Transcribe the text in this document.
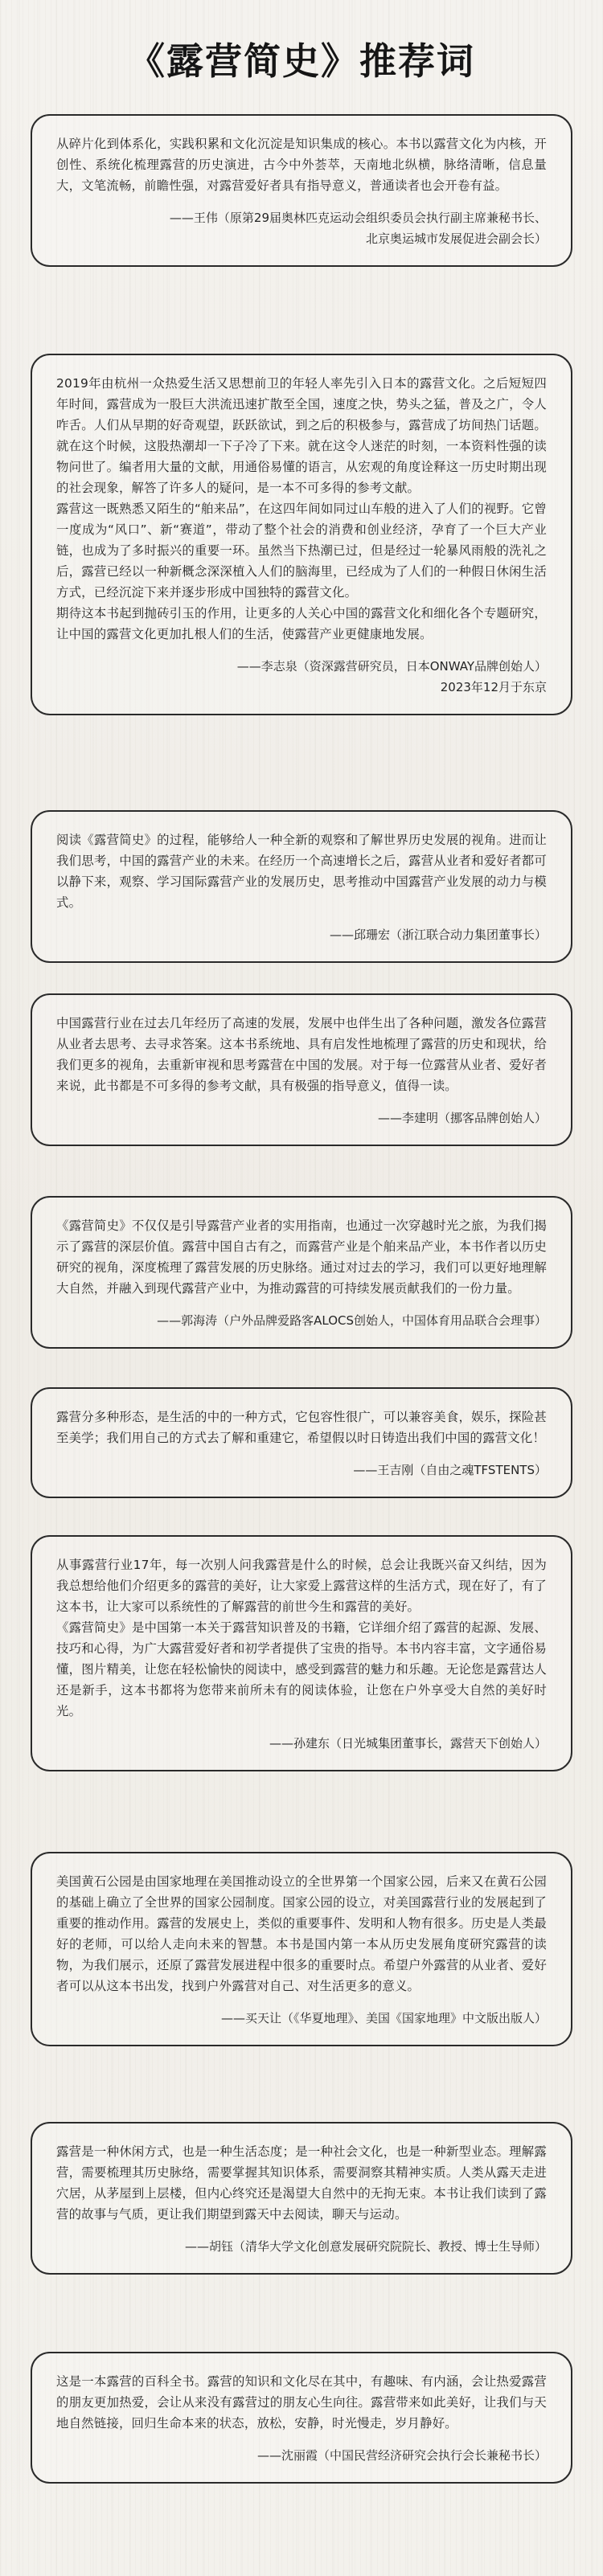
《露营简史》推荐词

从碎片化到体系化，实践积累和文化沉淀是知识集成的核心。本书以露营文化为内核，开创性、系统化梳理露营的历史演进，古今中外荟萃，天南地北纵横，脉络清晰，信息量大，文笔流畅，前瞻性强，对露营爱好者具有指导意义，普通读者也会开卷有益。

——王伟（原第29届奥林匹克运动会组织委员会执行副主席兼秘书长、
北京奥运城市发展促进会副会长）

2019年由杭州一众热爱生活又思想前卫的年轻人率先引入日本的露营文化。之后短短四年时间，露营成为一股巨大洪流迅速扩散至全国，速度之快，势头之猛，普及之广，令人咋舌。人们从早期的好奇观望，跃跃欲试，到之后的积极参与，露营成了坊间热门话题。就在这个时候，这股热潮却一下子冷了下来。就在这令人迷茫的时刻，一本资料性强的读物问世了。编者用大量的文献，用通俗易懂的语言，从宏观的角度诠释这一历史时期出现的社会现象，解答了许多人的疑问，是一本不可多得的参考文献。

露营这一既熟悉又陌生的“舶来品”，在这四年间如同过山车般的进入了人们的视野。它曾一度成为“风口”、新“赛道”，带动了整个社会的消费和创业经济，孕育了一个巨大产业链，也成为了多时振兴的重要一环。虽然当下热潮已过，但是经过一轮暴风雨般的洗礼之后，露营已经以一种新概念深深植入人们的脑海里，已经成为了人们的一种假日休闲生活方式，已经沉淀下来并逐步形成中国独特的露营文化。

期待这本书起到抛砖引玉的作用，让更多的人关心中国的露营文化和细化各个专题研究，让中国的露营文化更加扎根人们的生活，使露营产业更健康地发展。

——李志泉（资深露营研究员，日本ONWAY品牌创始人）
2023年12月于东京

阅读《露营简史》的过程，能够给人一种全新的观察和了解世界历史发展的视角。进而让我们思考，中国的露营产业的未来。在经历一个高速增长之后，露营从业者和爱好者都可以静下来，观察、学习国际露营产业的发展历史，思考推动中国露营产业发展的动力与模式。

——邱珊宏（浙江联合动力集团董事长）

中国露营行业在过去几年经历了高速的发展，发展中也伴生出了各种问题，激发各位露营从业者去思考、去寻求答案。这本书系统地、具有启发性地梳理了露营的历史和现状，给我们更多的视角，去重新审视和思考露营在中国的发展。对于每一位露营从业者、爱好者来说，此书都是不可多得的参考文献，具有极强的指导意义，值得一读。

——李建明（挪客品牌创始人）

《露营简史》不仅仅是引导露营产业者的实用指南，也通过一次穿越时光之旅，为我们揭示了露营的深层价值。露营中国自古有之，而露营产业是个舶来品产业，本书作者以历史研究的视角，深度梳理了露营发展的历史脉络。通过对过去的学习，我们可以更好地理解大自然，并融入到现代露营产业中，为推动露营的可持续发展贡献我们的一份力量。

——郭海涛（户外品牌爱路客ALOCS创始人，中国体育用品联合会理事）

露营分多种形态，是生活的中的一种方式，它包容性很广，可以兼容美食，娱乐，探险甚至美学；我们用自己的方式去了解和重建它，希望假以时日铸造出我们中国的露营文化！

——王吉刚（自由之魂TFSTENTS）

从事露营行业17年，每一次别人问我露营是什么的时候，总会让我既兴奋又纠结，因为我总想给他们介绍更多的露营的美好，让大家爱上露营这样的生活方式，现在好了，有了这本书，让大家可以系统性的了解露营的前世今生和露营的美好。

《露营简史》是中国第一本关于露营知识普及的书籍，它详细介绍了露营的起源、发展、技巧和心得，为广大露营爱好者和初学者提供了宝贵的指导。本书内容丰富，文字通俗易懂，图片精美，让您在轻松愉快的阅读中，感受到露营的魅力和乐趣。无论您是露营达人还是新手，这本书都将为您带来前所未有的阅读体验，让您在户外享受大自然的美好时光。

——孙建东（日光城集团董事长，露营天下创始人）

美国黄石公园是由国家地理在美国推动设立的全世界第一个国家公园，后来又在黄石公园的基础上确立了全世界的国家公园制度。国家公园的设立，对美国露营行业的发展起到了重要的推动作用。露营的发展史上，类似的重要事件、发明和人物有很多。历史是人类最好的老师，可以给人走向未来的智慧。本书是国内第一本从历史发展角度研究露营的读物，为我们展示，还原了露营发展进程中很多的重要时点。希望户外露营的从业者、爱好者可以从这本书出发，找到户外露营对自己、对生活更多的意义。

——买天让（《华夏地理》、美国《国家地理》中文版出版人）

露营是一种休闲方式，也是一种生活态度；是一种社会文化，也是一种新型业态。理解露营，需要梳理其历史脉络，需要掌握其知识体系，需要洞察其精神实质。人类从露天走进穴居，从茅屋到上层楼，但内心终究还是渴望大自然中的无拘无束。本书让我们读到了露营的故事与气质，更让我们期望到露天中去阅读，聊天与运动。

——胡钰（清华大学文化创意发展研究院院长、教授、博士生导师）

这是一本露营的百科全书。露营的知识和文化尽在其中，有趣味、有内涵，会让热爱露营的朋友更加热爱，会让从来没有露营过的朋友心生向往。露营带来如此美好，让我们与天地自然链接，回归生命本来的状态，放松，安静，时光慢走，岁月静好。

——沈丽霞（中国民营经济研究会执行会长兼秘书长）
